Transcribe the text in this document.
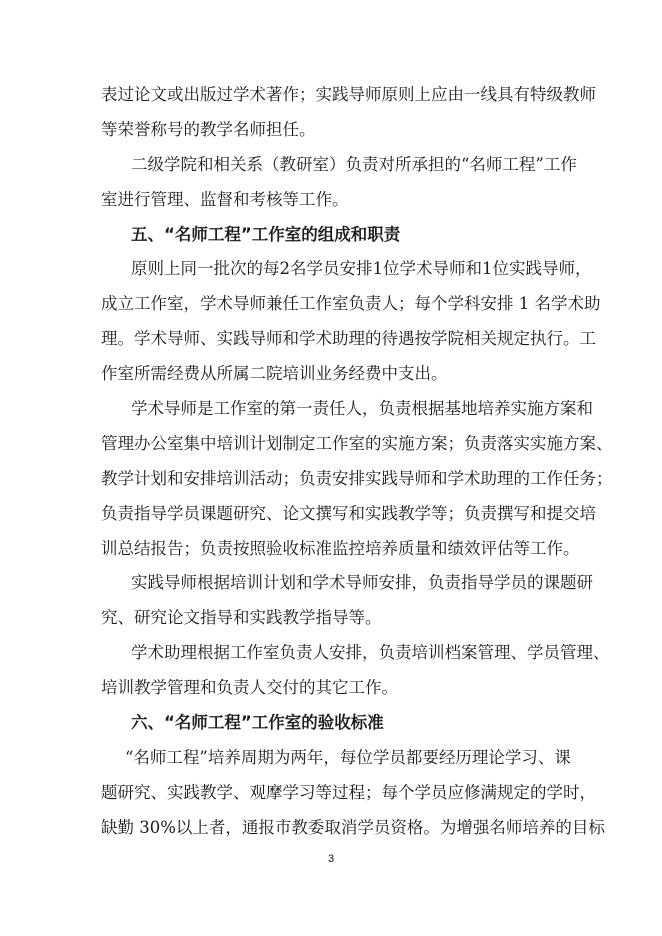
表过论文或出版过学术著作；实践导师原则上应由一线具有特级教师
等荣誉称号的教学名师担任。
二级学院和相关系（教研室）负责对所承担的“名师工程”工作
室进行管理、监督和考核等工作。
五、“名师工程”工作室的组成和职责
原则上同一批次的每2名学员安排1位学术导师和1位实践导师，
成立工作室，学术导师兼任工作室负责人；每个学科安排 1 名学术助
理。学术导师、实践导师和学术助理的待遇按学院相关规定执行。工
作室所需经费从所属二院培训业务经费中支出。
学术导师是工作室的第一责任人，负责根据基地培养实施方案和
管理办公室集中培训计划制定工作室的实施方案；负责落实实施方案、
教学计划和安排培训活动；负责安排实践导师和学术助理的工作任务；
负责指导学员课题研究、论文撰写和实践教学等；负责撰写和提交培
训总结报告；负责按照验收标准监控培养质量和绩效评估等工作。
实践导师根据培训计划和学术导师安排，负责指导学员的课题研
究、研究论文指导和实践教学指导等。
学术助理根据工作室负责人安排，负责培训档案管理、学员管理、
培训教学管理和负责人交付的其它工作。
六、“名师工程”工作室的验收标准
“名师工程”培养周期为两年，每位学员都要经历理论学习、课
题研究、实践教学、观摩学习等过程；每个学员应修满规定的学时，
缺勤 30%以上者，通报市教委取消学员资格。为增强名师培养的目标
3
